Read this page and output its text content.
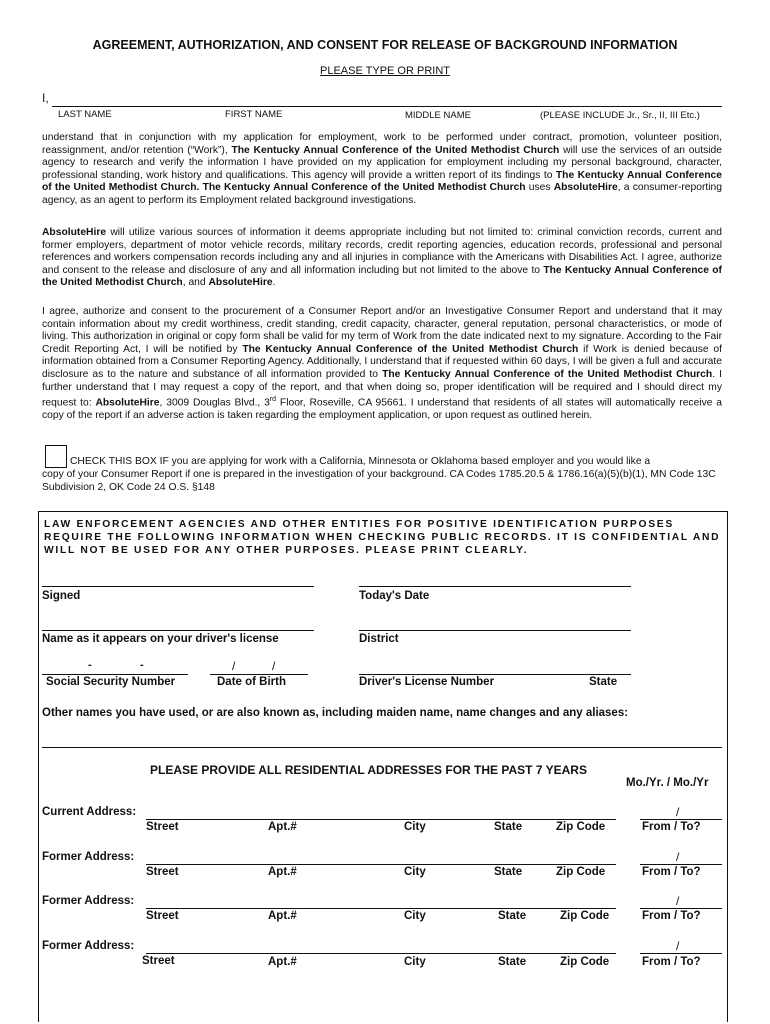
AGREEMENT, AUTHORIZATION, AND CONSENT FOR RELEASE OF BACKGROUND INFORMATION
PLEASE TYPE OR PRINT
I,
LAST NAME	FIRST NAME	MIDDLE NAME	(PLEASE INCLUDE Jr., Sr., II, III Etc.)

understand that in conjunction with my application for employment, work to be performed under contract, promotion, volunteer position, reassignment, and/or retention (“Work”), The Kentucky Annual Conference of the United Methodist Church will use the services of an outside agency to research and verify the information I have provided on my application for employment including my personal background, character, professional standing, work history and qualifications. This agency will provide a written report of its findings to The Kentucky Annual Conference of the United Methodist Church. The Kentucky Annual Conference of the United Methodist Church uses AbsoluteHire, a consumer-reporting agency, as an agent to perform its Employment related background investigations.

AbsoluteHire will utilize various sources of information it deems appropriate including but not limited to: criminal conviction records, current and former employers, department of motor vehicle records, military records, credit reporting agencies, education records, professional and personal references and workers compensation records including any and all injuries in compliance with the Americans with Disabilities Act. I agree, authorize and consent to the release and disclosure of any and all information including but not limited to the above to The Kentucky Annual Conference of the United Methodist Church, and AbsoluteHire.

I agree, authorize and consent to the procurement of a Consumer Report and/or an Investigative Consumer Report and understand that it may contain information about my credit worthiness, credit standing, credit capacity, character, general reputation, personal characteristics, or mode of living. This authorization in original or copy form shall be valid for my term of Work from the date indicated next to my signature. According to the Fair Credit Reporting Act, I will be notified by The Kentucky Annual Conference of the United Methodist Church if Work is denied because of information obtained from a Consumer Reporting Agency. Additionally, I understand that if requested within 60 days, I will be given a full and accurate disclosure as to the nature and substance of all information provided to The Kentucky Annual Conference of the United Methodist Church. I further understand that I may request a copy of the report, and that when doing so, proper identification will be required and I should direct my request to: AbsoluteHire, 3009 Douglas Blvd., 3rd Floor, Roseville, CA 95661. I understand that residents of all states will automatically receive a copy of the report if an adverse action is taken regarding the employment application, or upon request as outlined herein.

CHECK THIS BOX IF you are applying for work with a California, Minnesota or Oklahoma based employer and you would like a

copy of your Consumer Report if one is prepared in the investigation of your background. CA Codes 1785.20.5 & 1786.16(a)(5)(b)(1), MN Code 13C Subdivision 2, OK Code 24 O.S. §148

LAW ENFORCEMENT AGENCIES AND OTHER ENTITIES FOR POSITIVE IDENTIFICATION PURPOSES REQUIRE THE FOLLOWING INFORMATION WHEN CHECKING PUBLIC RECORDS. IT IS CONFIDENTIAL AND WILL NOT BE USED FOR ANY OTHER PURPOSES. PLEASE PRINT CLEARLY.

Signed	Today's Date
Name as it appears on your driver's license	District
-	-	/	/
Social Security Number	Date of Birth	Driver's License Number	State
Other names you have used, or are also known as, including maiden name, name changes and any aliases:
PLEASE PROVIDE ALL RESIDENTIAL ADDRESSES FOR THE PAST 7 YEARS
Mo./Yr. / Mo./Yr
Current Address:	/
Street	Apt.#	City	State	Zip Code	From / To?
Former Address:	/
Street	Apt.#	City	State	Zip Code	From / To?
Former Address:	/
Street	Apt.#	City	State	Zip Code	From / To?
Former Address:	/
Street	Apt.#	City	State	Zip Code	From / To?
